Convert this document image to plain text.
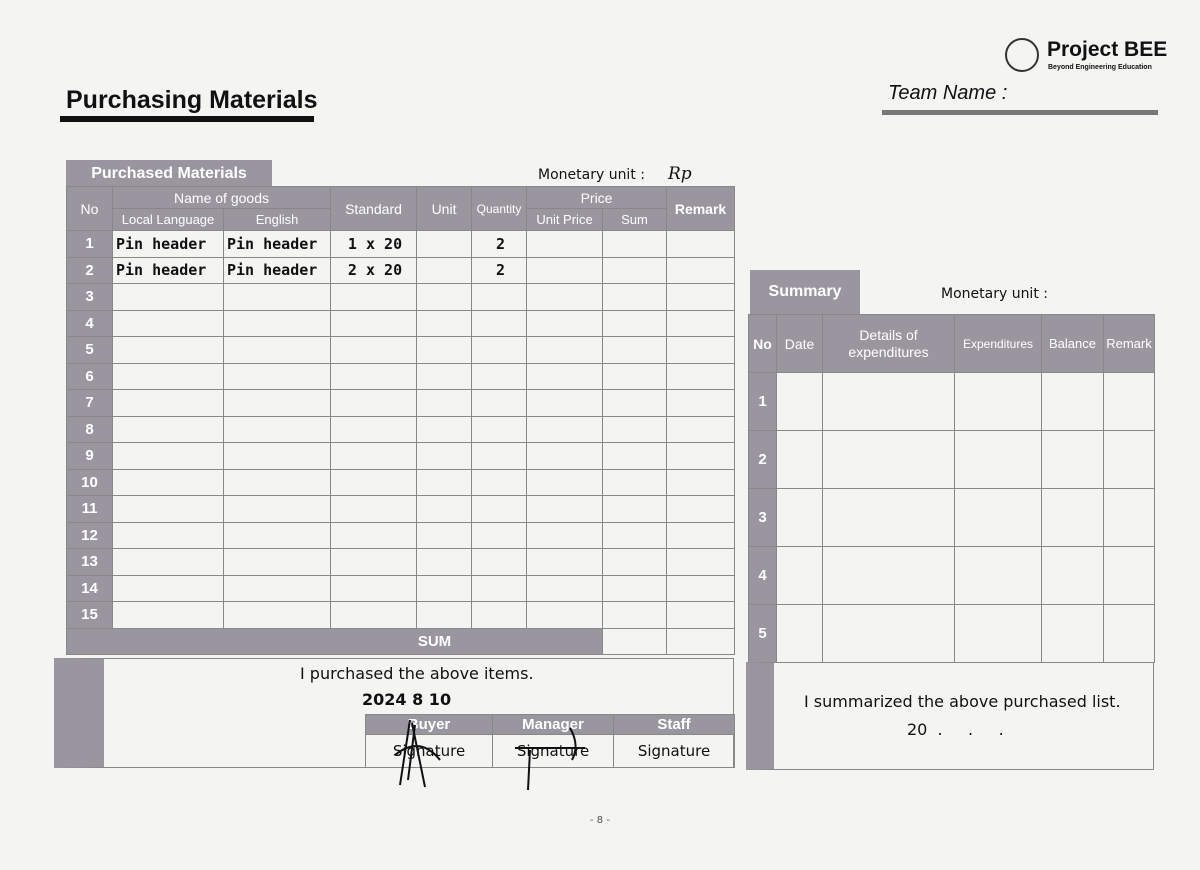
Project BEE
Beyond Engineering Education
Purchasing Materials	Team Name :
Purchased Materials	Monetary unit : Rp
No	Name of goods		Standard	Unit	Quantity	Price		Remark
	Local Language	English				Unit Price	Sum	
1	Pin header	Pin header	1 x 20		2			
2	Pin header	Pin header	2 x 20		2			
3								
4								
5								
6								
7								
8								
9								
10								
11								
12								
13								
14								
15								
SUM								
I purchased the above items.
2024 8 10
Buyer	Manager	Staff
Signature	Signature	Signature
Summary	Monetary unit :
No	Date	Details of expenditures	Expenditures	Balance	Remark
1					
2					
3					
4					
5					
I summarized the above purchased list.
20  .     .     .
- 8 -
